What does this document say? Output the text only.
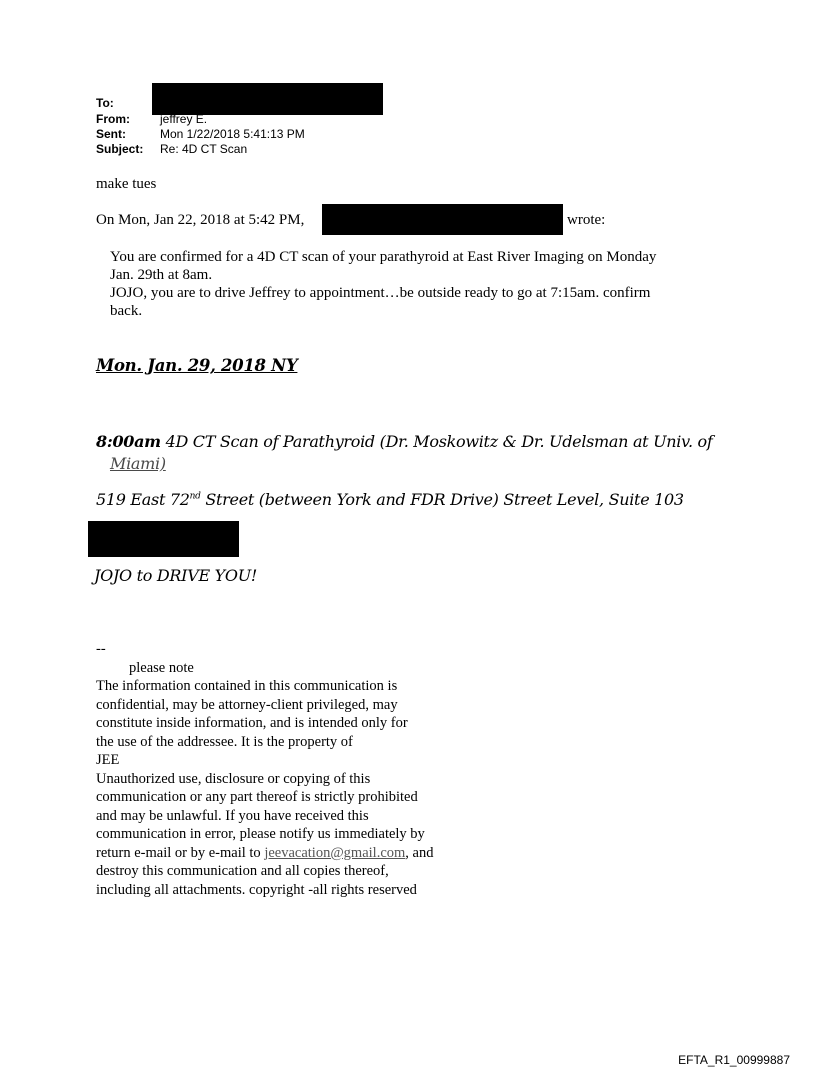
To:
From:	jeffrey E.
Sent:	Mon 1/22/2018 5:41:13 PM
Subject: Re: 4D CT Scan
make tues
On Mon, Jan 22, 2018 at 5:42 PM,	wrote:
You are confirmed for a 4D CT scan of your parathyroid at East River Imaging on Monday
Jan. 29th at 8am.
JOJO, you are to drive Jeffrey to appointment…be outside ready to go at 7:15am. confirm
back.
Mon. Jan. 29, 2018 NY
8:00am 4D CT Scan of Parathyroid (Dr. Moskowitz & Dr. Udelsman at Univ. of
Miami)
519 East 72nd Street (between York and FDR Drive) Street Level, Suite 103
JOJO to DRIVE YOU!
--
please note
The information contained in this communication is
confidential, may be attorney-client privileged, may
constitute inside information, and is intended only for
the use of the addressee. It is the property of
JEE
Unauthorized use, disclosure or copying of this
communication or any part thereof is strictly prohibited
and may be unlawful. If you have received this
communication in error, please notify us immediately by
return e-mail or by e-mail to jeevacation@gmail.com, and
destroy this communication and all copies thereof,
including all attachments. copyright -all rights reserved
EFTA_R1_00999887
